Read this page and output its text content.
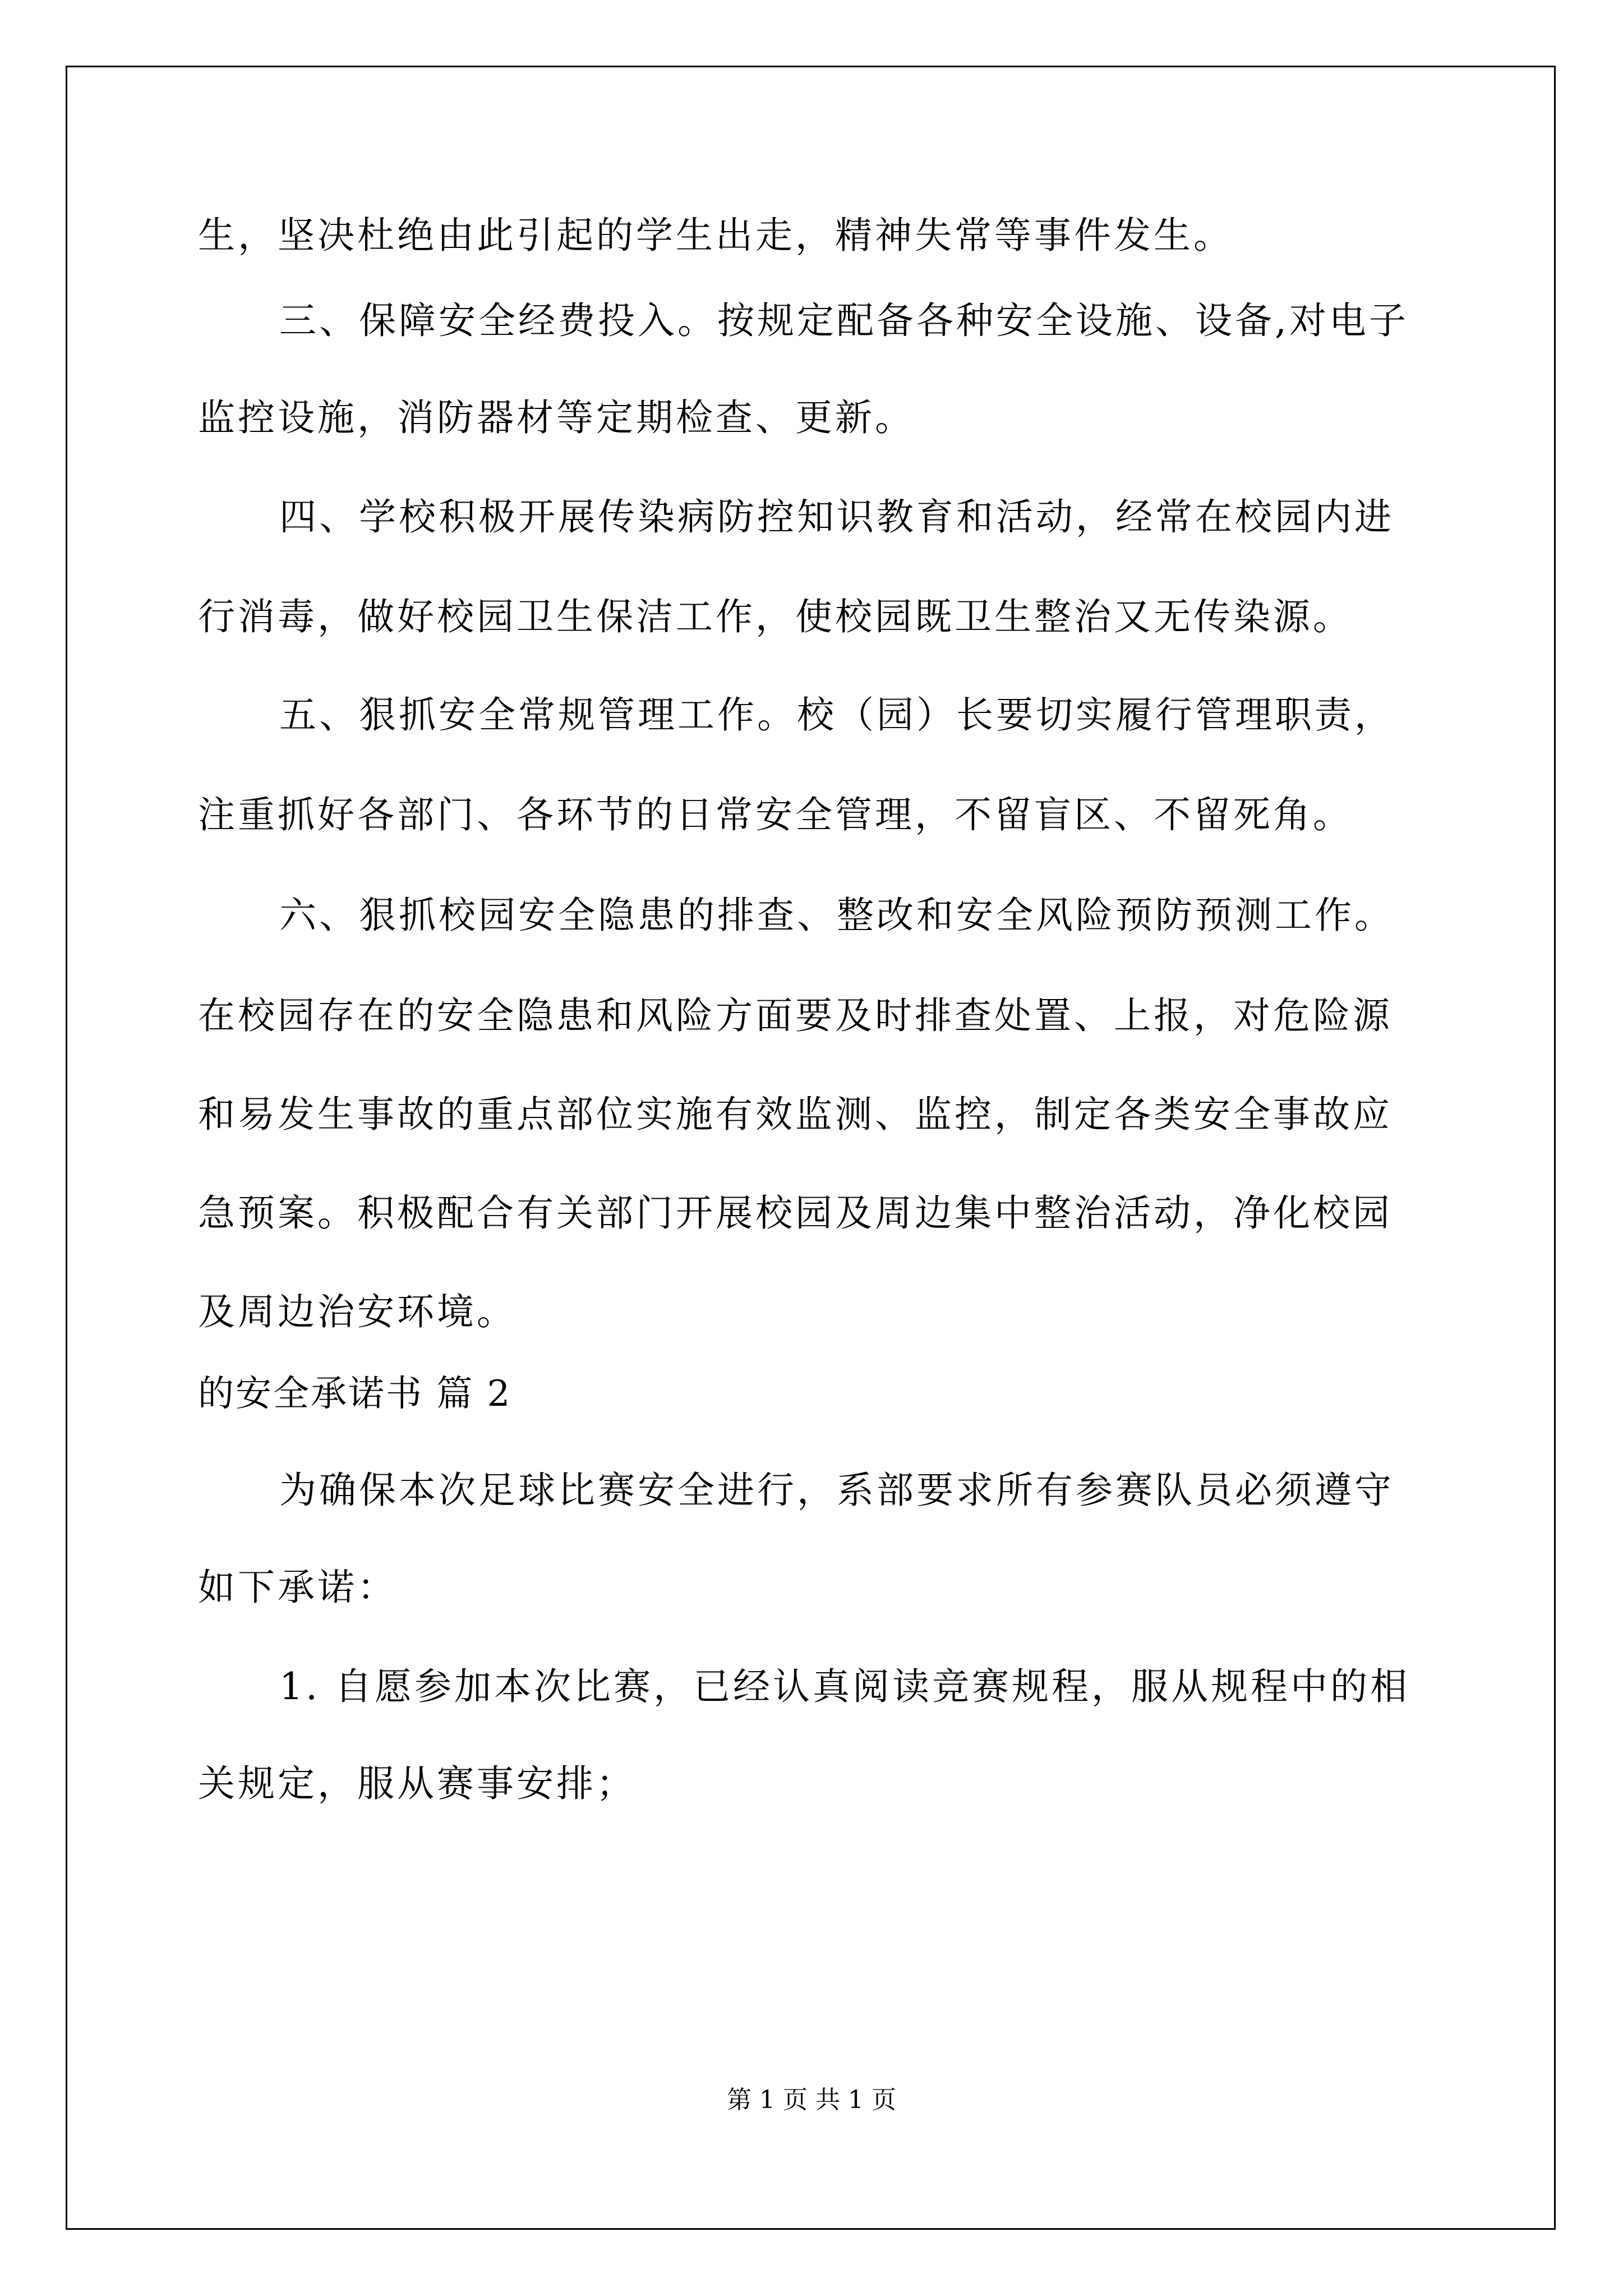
生，坚决杜绝由此引起的学生出走，精神失常等事件发生。
三、保障安全经费投入。按规定配备各种安全设施、设备,对电子
监控设施，消防器材等定期检查、更新。
四、学校积极开展传染病防控知识教育和活动，经常在校园内进
行消毒，做好校园卫生保洁工作，使校园既卫生整治又无传染源。
五、狠抓安全常规管理工作。校（园）长要切实履行管理职责，
注重抓好各部门、各环节的日常安全管理，不留盲区、不留死角。
六、狠抓校园安全隐患的排查、整改和安全风险预防预测工作。
在校园存在的安全隐患和风险方面要及时排查处置、上报，对危险源
和易发生事故的重点部位实施有效监测、监控，制定各类安全事故应
急预案。积极配合有关部门开展校园及周边集中整治活动，净化校园
及周边治安环境。
的安全承诺书 篇 2
为确保本次足球比赛安全进行，系部要求所有参赛队员必须遵守
如下承诺：
1. 自愿参加本次比赛，已经认真阅读竞赛规程，服从规程中的相
关规定，服从赛事安排；
第 1 页 共 1 页
